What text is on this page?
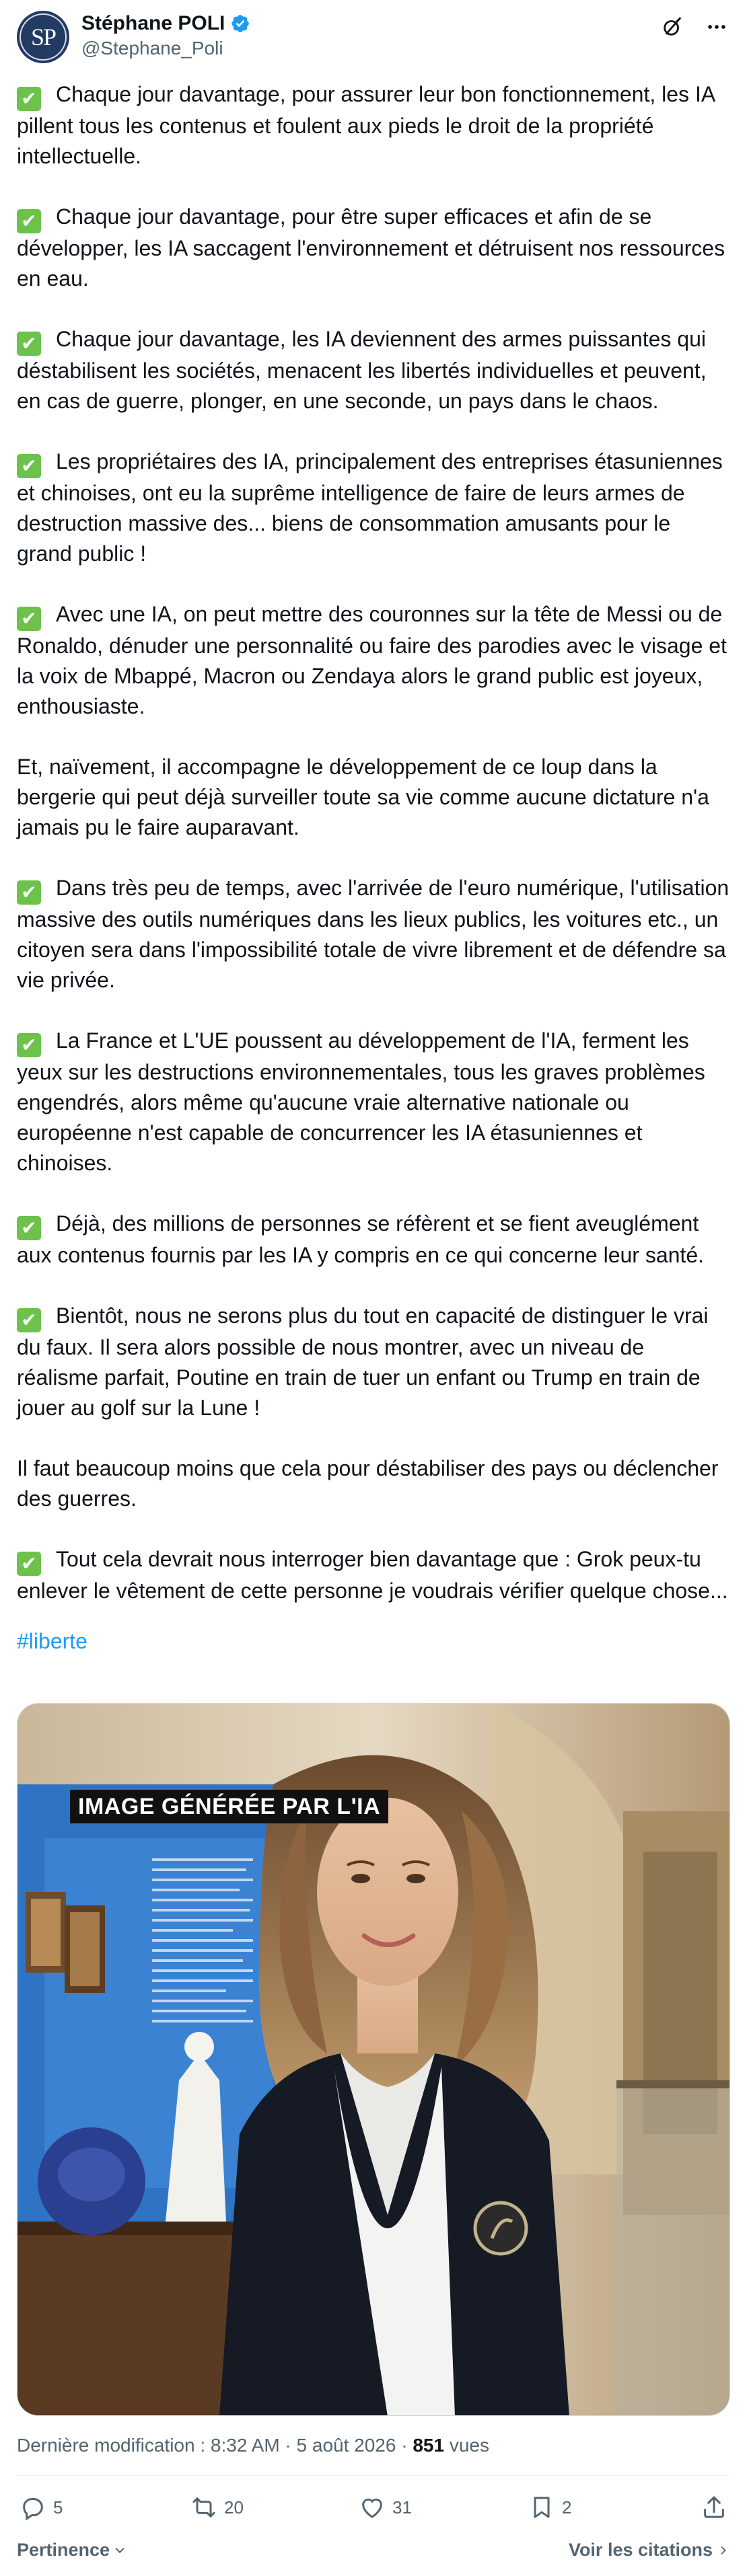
SP
Stéphane POLI
@Stephane_Poli
✔ Chaque jour davantage, pour assurer leur bon fonctionnement, les IA pillent tous les contenus et foulent aux pieds le droit de la propriété intellectuelle.
✔ Chaque jour davantage, pour être super efficaces et afin de se développer, les IA saccagent l'environnement et détruisent nos ressources en eau.
✔ Chaque jour davantage, les IA deviennent des armes puissantes qui déstabilisent les sociétés, menacent les libertés individuelles et peuvent, en cas de guerre, plonger, en une seconde, un pays dans le chaos.
✔ Les propriétaires des IA, principalement des entreprises étasuniennes et chinoises, ont eu la suprême intelligence de faire de leurs armes de destruction massive des... biens de consommation amusants pour le grand public !
✔ Avec une IA, on peut mettre des couronnes sur la tête de Messi ou de Ronaldo, dénuder une personnalité ou faire des parodies avec le visage et la voix de Mbappé, Macron ou Zendaya alors le grand public est joyeux, enthousiaste.
Et, naïvement, il accompagne le développement de ce loup dans la bergerie qui peut déjà surveiller toute sa vie comme aucune dictature n'a jamais pu le faire auparavant.
✔ Dans très peu de temps, avec l'arrivée de l'euro numérique, l'utilisation massive des outils numériques dans les lieux publics, les voitures etc., un citoyen sera dans l'impossibilité totale de vivre librement et de défendre sa vie privée.
✔ La France et L'UE poussent au développement de l'IA, ferment les yeux sur les destructions environnementales, tous les graves problèmes engendrés, alors même qu'aucune vraie alternative nationale ou européenne n'est capable de concurrencer les IA étasuniennes et chinoises.
✔ Déjà, des millions de personnes se réfèrent et se fient aveuglément aux contenus fournis par les IA y compris en ce qui concerne leur santé.
✔ Bientôt, nous ne serons plus du tout en capacité de distinguer le vrai du faux. Il sera alors possible de nous montrer, avec un niveau de réalisme parfait, Poutine en train de tuer un enfant ou Trump en train de jouer au golf sur la Lune !
Il faut beaucoup moins que cela pour déstabiliser des pays ou déclencher des guerres.
✔ Tout cela devrait nous interroger bien davantage que : Grok peux-tu enlever le vêtement de cette personne je voudrais vérifier quelque chose...
#liberte
IMAGE GÉNÉRÉE PAR L'IA
Dernière modification : 8:32 AM · 5 août 2026 · 851 vues
5	20	31	2
Pertinence	Voir les citations
